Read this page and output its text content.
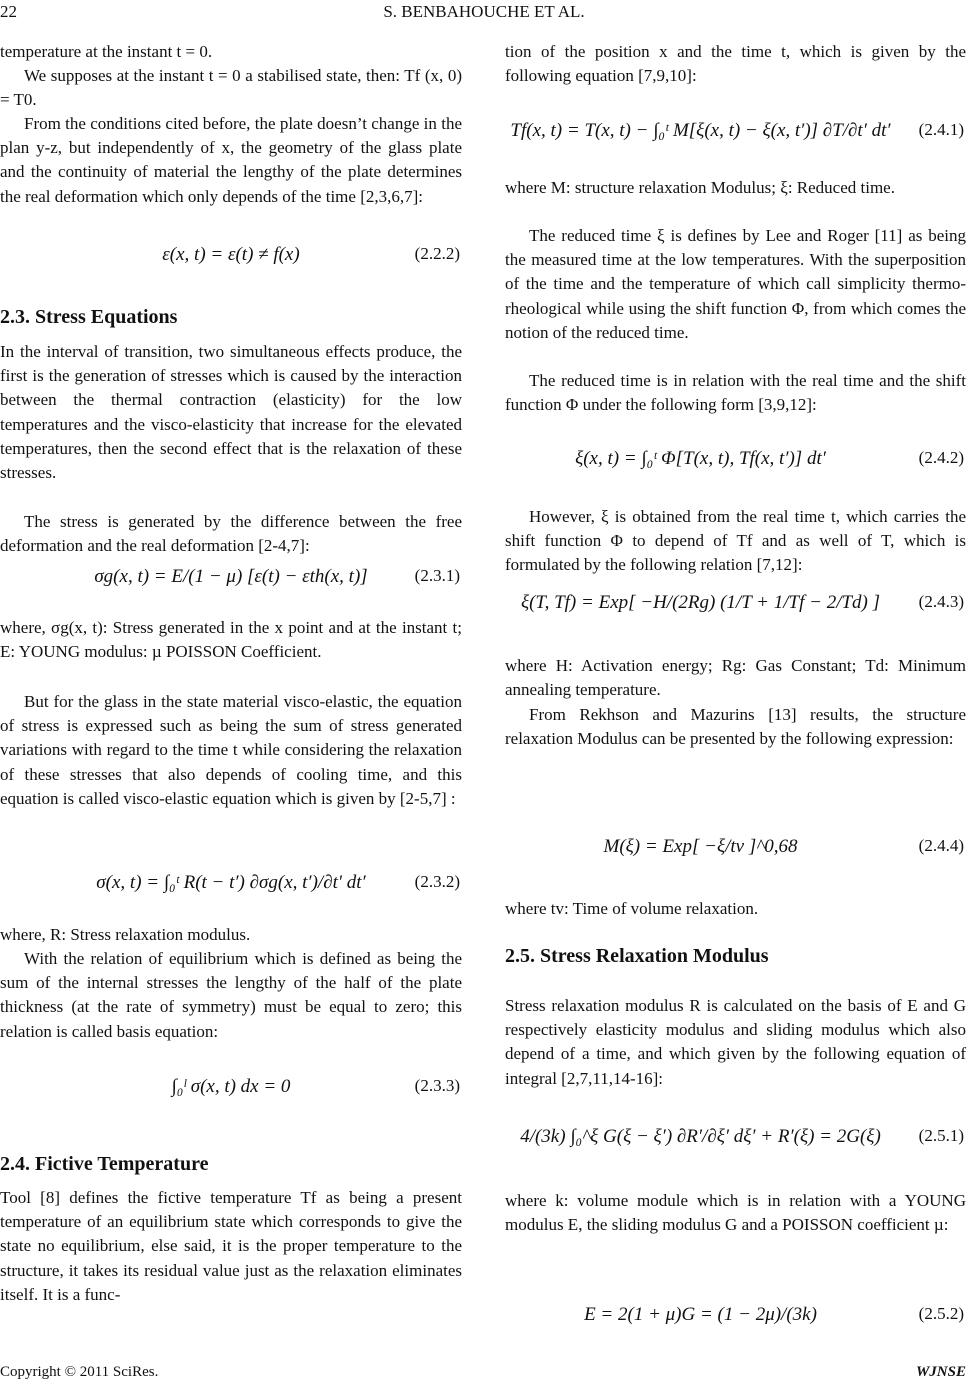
22	S. BENBAHOUCHE ET AL.

temperature at the instant t = 0.

We supposes at the instant t = 0 a stabilised state, then: Tf (x, 0) = T0.

From the conditions cited before, the plate doesn’t change in the plan y-z, but independently of x, the geometry of the glass plate and the continuity of material the lengthy of the plate determines the real deformation which only depends of the time [2,3,6,7]:

ε(x, t) = ε(t) ≠ f(x)	(2.2.2)
2.3. Stress Equations

In the interval of transition, two simultaneous effects produce, the first is the generation of stresses which is caused by the interaction between the thermal contraction (elasticity) for the low temperatures and the visco-elasticity that increase for the elevated temperatures, then the second effect that is the relaxation of these stresses.

The stress is generated by the difference between the free deformation and the real deformation [2-4,7]:

σg(x, t) = E/(1 − μ) [ε(t) − εth(x, t)]	(2.3.1)

where, σg(x, t): Stress generated in the x point and at the instant t; E: YOUNG modulus: µ POISSON Coefficient.

But for the glass in the state material visco-elastic, the equation of stress is expressed such as being the sum of stress generated variations with regard to the time t while considering the relaxation of these stresses that also depends of cooling time, and this equation is called visco-elastic equation which is given by [2-5,7] :

σ(x, t) = ∫₀ᵗ R(t − t′) ∂σg(x, t′)/∂t′ dt′	(2.3.2)

where, R: Stress relaxation modulus.

With the relation of equilibrium which is defined as being the sum of the internal stresses the lengthy of the half of the plate thickness (at the rate of symmetry) must be equal to zero; this relation is called basis equation:

∫₀ˡ σ(x, t) dx = 0	(2.3.3)
2.4. Fictive Temperature

Tool [8] defines the fictive temperature Tf as being a present temperature of an equilibrium state which corresponds to give the state no equilibrium, else said, it is the proper temperature to the structure, it takes its residual value just as the relaxation eliminates itself. It is a func-

tion of the position x and the time t, which is given by the following equation [7,9,10]:

Tf(x, t) = T(x, t) − ∫₀ᵗ M[ξ(x, t) − ξ(x, t′)] ∂T/∂t′ dt′ (2.4.1)

where M: structure relaxation Modulus; ξ: Reduced time.

The reduced time ξ is defines by Lee and Roger [11] as being the measured time at the low temperatures. With the superposition of the time and the temperature of which call simplicity thermo-rheological while using the shift function Φ, from which comes the notion of the reduced time.

The reduced time is in relation with the real time and the shift function Φ under the following form [3,9,12]:

ξ(x, t) = ∫₀ᵗ Φ[T(x, t), Tf(x, t′)] dt′	(2.4.2)

However, ξ is obtained from the real time t, which carries the shift function Φ to depend of Tf and as well of T, which is formulated by the following relation [7,12]:

ξ(T, Tf) = Exp[ −H/(2Rg) (1/T + 1/Tf − 2/Td) ] (2.4.3)

where H: Activation energy; Rg: Gas Constant; Td: Minimum annealing temperature.

From Rekhson and Mazurins [13] results, the structure relaxation Modulus can be presented by the following expression:

M(ξ) = Exp[ −ξ/tv ]^0,68	(2.4.4)

where tv: Time of volume relaxation.

2.5. Stress Relaxation Modulus

Stress relaxation modulus R is calculated on the basis of E and G respectively elasticity modulus and sliding modulus which also depend of a time, and which given by the following equation of integral [2,7,11,14-16]:

4/(3k) ∫₀^ξ G(ξ − ξ′) ∂R′/∂ξ′ dξ′ + R′(ξ) = 2G(ξ) (2.5.1)

where k: volume module which is in relation with a YOUNG modulus E, the sliding modulus G and a POISSON coefficient µ:

E = 2(1 + μ)G = (1 − 2μ)/(3k)	(2.5.2)
Copyright © 2011 SciRes.	WJNSE
